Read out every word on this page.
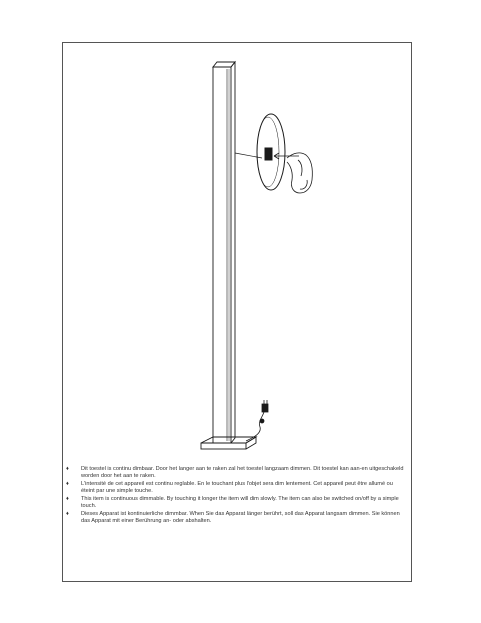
♦ Dit toestel is continu dimbaar. Door het langer aan te raken zal het toestel langzaam dimmen. Dit toestel kan aan-en uitgeschakeld worden door het aan te raken.
♦ L'intensité de cet appareil est continu reglable. En le touchant plus l'objet sera dim lentement. Cet appareil peut être allumé ou éteint par une simple touche.
♦ This item is continuous dimmable. By touching it longer the item will dim slowly. The item can also be switched on/off by a simple touch.
♦ Dieses Apparat ist kontinuierliche dimmbar. When Sie das Apparat länger berührt, soll das Apparat langsam dimmen. Sie können das Apparat mit einer Berührung an- oder abshalten.
